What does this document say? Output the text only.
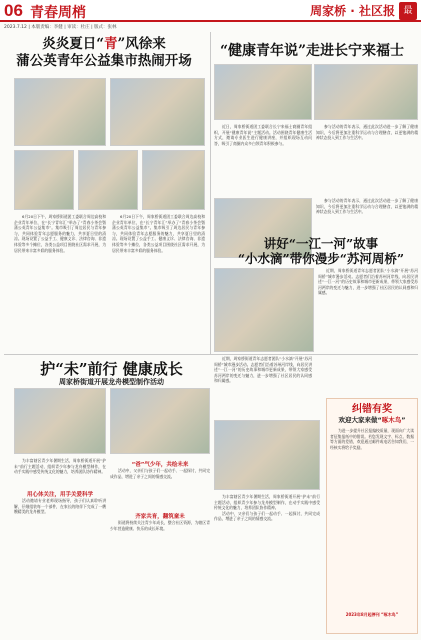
06 青春周梢
2023.7.12 | 本版责编：李健 | 审读：杜庄 | 版式：张林
周家桥 · 社区报 最
炎炎夏日“青”风徐来
蒲公英青年公益集市热闹开场

6月20日下午，周家桥街道团工委联合周边高校和企业青年单位，在“长宁青年汇”举办了“青春小茶会暨蒲公英青年公益集市”。集市吸引了周边居民与青年参与，共同体验青年志愿服务的魅力，共享夏日里的清凉。现场设置了公益手工、健康义诊、法律咨询、非遗体验等多个摊位，各类公益项目围绕社区需求开展，为居民带来丰富多彩的服务体验。

6月20日下午，周家桥街道团工委联合周边高校和企业青年单位，在“长宁青年汇”举办了“青春小茶会暨蒲公英青年公益集市”。集市吸引了周边居民与青年参与，共同体验青年志愿服务的魅力，共享夏日里的清凉。现场设置了公益手工、健康义诊、法律咨询、非遗体验等多个摊位，各类公益项目围绕社区需求开展，为居民带来丰富多彩的服务体验。

“健康青年说”走进长宁来福士

近日，周家桥街道团工委联合长宁来福士商圈青年组织，开展“健康青年说”主题活动。活动围绕青年健康生活方式，邀请专业医生进行健康讲座，并组织现场互动问答，吸引了商圈内众多白领青年积极参与。

参与活动的青年表示，通过此次活动进一步了解了健康知识，今后将更加注重科学运动与合理膳食，以更饱满的精神状态投入到工作与生活中。

参与活动的青年表示，通过此次活动进一步了解了健康知识，今后将更加注重科学运动与合理膳食，以更饱满的精神状态投入到工作与生活中。

讲好“一江一河”故事
“小水滴”带你漫步“苏河周桥”

近期，周家桥街道青年志愿者团队“小水滴”开展“苏河周桥”城市漫步活动。志愿者们沿着苏州河岸线，向居民讲述“一江一河”的历史故事和城市更新成果，带领大家感受苏河两岸的变迁与魅力，进一步增强了社区居民的认同感和归属感。

近期，周家桥街道青年志愿者团队“小水滴”开展“苏河周桥”城市漫步活动。志愿者们沿着苏州河岸线，向居民讲述“一江一河”的历史故事和城市更新成果，带领大家感受苏河两岸的变迁与魅力，进一步增强了社区居民的认同感和归属感。

护“未”前行 健康成长
周家桥街道开展龙舟模型制作活动

为丰富辖区青少年暑期生活，周家桥街道开展“护未”前行主题活动，组织青少年参与龙舟模型制作，在动手实践中感受传统文化的魅力，培养团队协作精神。

用心体关注，用手关爱科学

活动邀请专业老师现场指导，孩子们认真聆听讲解，仔细组装每一个部件，在家长的陪伴下完成了一艘艘精美的龙舟模型。

“爸”气少年，共绘未来

活动中，父亲们与孩子们一起动手、一起探讨，共同完成作品，增进了亲子之间的情感交流。

齐家共育，翻筑童未

街道将持续关注青少年成长，整合社区资源，为辖区青少年营造健康、快乐的成长环境。

为丰富辖区青少年暑期生活，周家桥街道开展“护未”前行主题活动，组织青少年参与龙舟模型制作，在动手实践中感受传统文化的魅力，培养团队协作精神。

活动中，父亲们与孩子们一起动手、一起探讨，共同完成作品，增进了亲子之间的情感交流。

纠错有奖
欢迎大家来做“啄木鸟”

为进一步提升社区报编校质量，现面向广大读者征集报纸中的错误。若您发现文字、标点、数据等方面的差错，欢迎通过邮件或电话告知我们，一经核实将给予奖励。

2023年8月起停刊 “啄木鸟”
